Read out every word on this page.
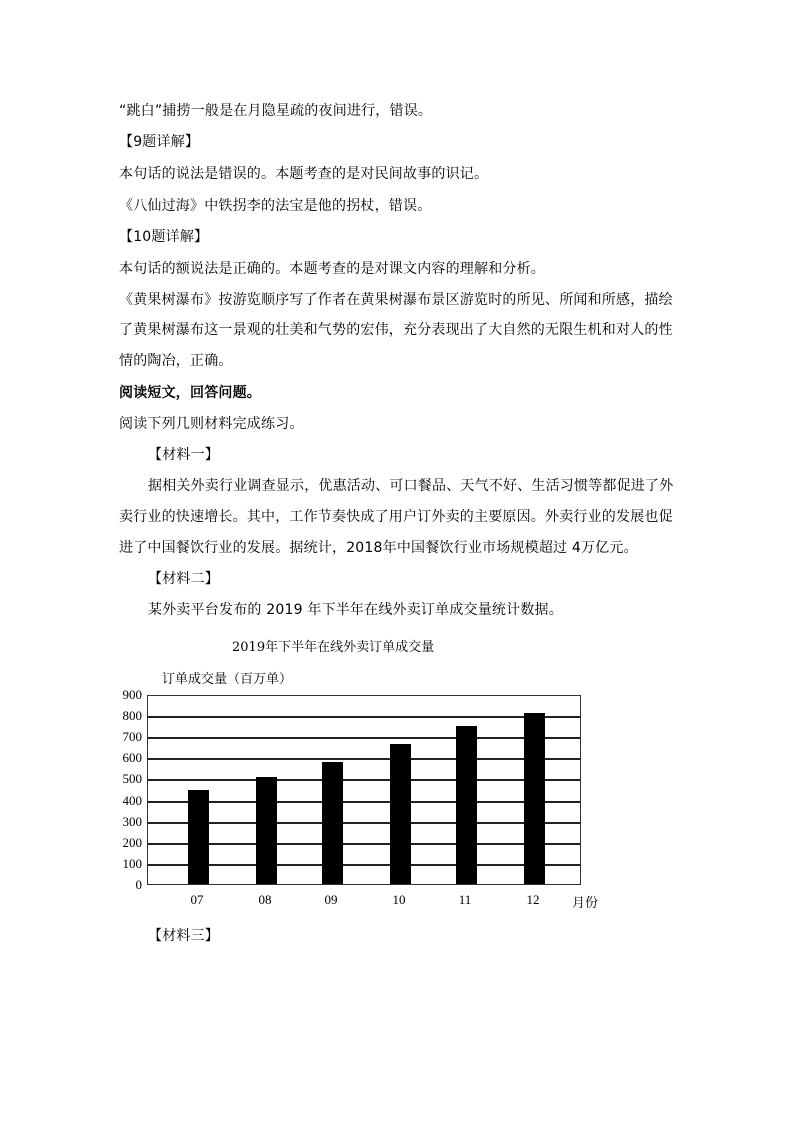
“跳白”捕捞一般是在月隐星疏的夜间进行，错误。
【9题详解】
本句话的说法是错误的。本题考查的是对民间故事的识记。
《八仙过海》中铁拐李的法宝是他的拐杖，错误。
【10题详解】
本句话的额说法是正确的。本题考查的是对课文内容的理解和分析。
《黄果树瀑布》按游览顺序写了作者在黄果树瀑布景区游览时的所见、所闻和所感，描绘
了黄果树瀑布这一景观的壮美和气势的宏伟，充分表现出了大自然的无限生机和对人的性
情的陶冶，正确。
阅读短文，回答问题。
阅读下列几则材料完成练习。
【材料一】
据相关外卖行业调查显示，优惠活动、可口餐品、天气不好、生活习惯等都促进了外
卖行业的快速增长。其中，工作节奏快成了用户订外卖的主要原因。外卖行业的发展也促
进了中国餐饮行业的发展。据统计，2018年中国餐饮行业市场规模超过 4万亿元。
【材料二】
某外卖平台发布的 2019 年下半年在线外卖订单成交量统计数据。
【材料三】
2019年下半年在线外卖订单成交量
订单成交量（百万单）
900
800
700
600
500
400
300
200
100
0
07	08	09	10	11	12	月份
